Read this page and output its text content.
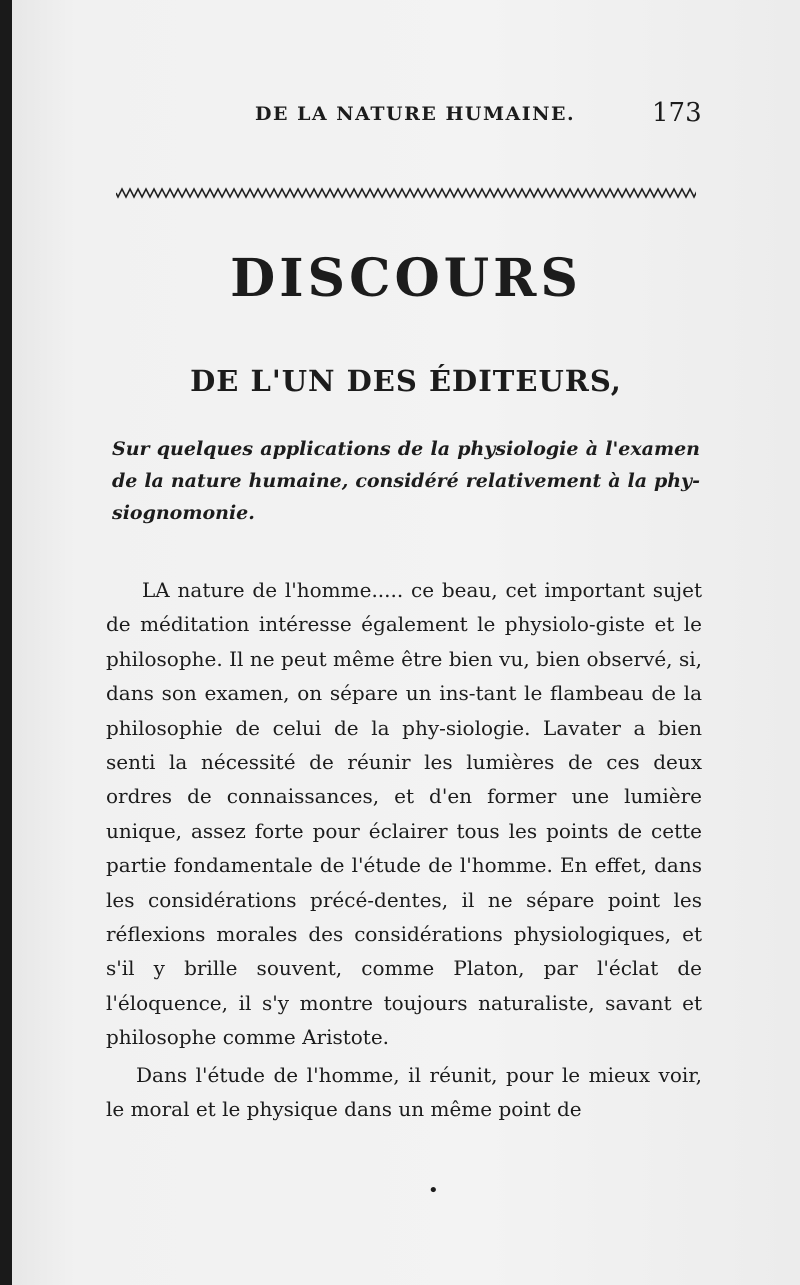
DE LA NATURE HUMAINE.	173
DISCOURS
DE L'UN DES ÉDITEURS,
Sur quelques applications de la physiologie à l'examen de la nature humaine, considéré relativement à la phy-siognomonie.

LA nature de l'homme..... ce beau, cet important sujet de méditation intéresse également le physiolo-giste et le philosophe. Il ne peut même être bien vu, bien observé, si, dans son examen, on sépare un ins-tant le flambeau de la philosophie de celui de la phy-siologie. Lavater a bien senti la nécessité de réunir les lumières de ces deux ordres de connaissances, et d'en former une lumière unique, assez forte pour éclairer tous les points de cette partie fondamentale de l'étude de l'homme. En effet, dans les considérations précé-dentes, il ne sépare point les réflexions morales des considérations physiologiques, et s'il y brille souvent, comme Platon, par l'éclat de l'éloquence, il s'y montre toujours naturaliste, savant et philosophe comme Aristote.

Dans l'étude de l'homme, il réunit, pour le mieux voir, le moral et le physique dans un même point de

•
